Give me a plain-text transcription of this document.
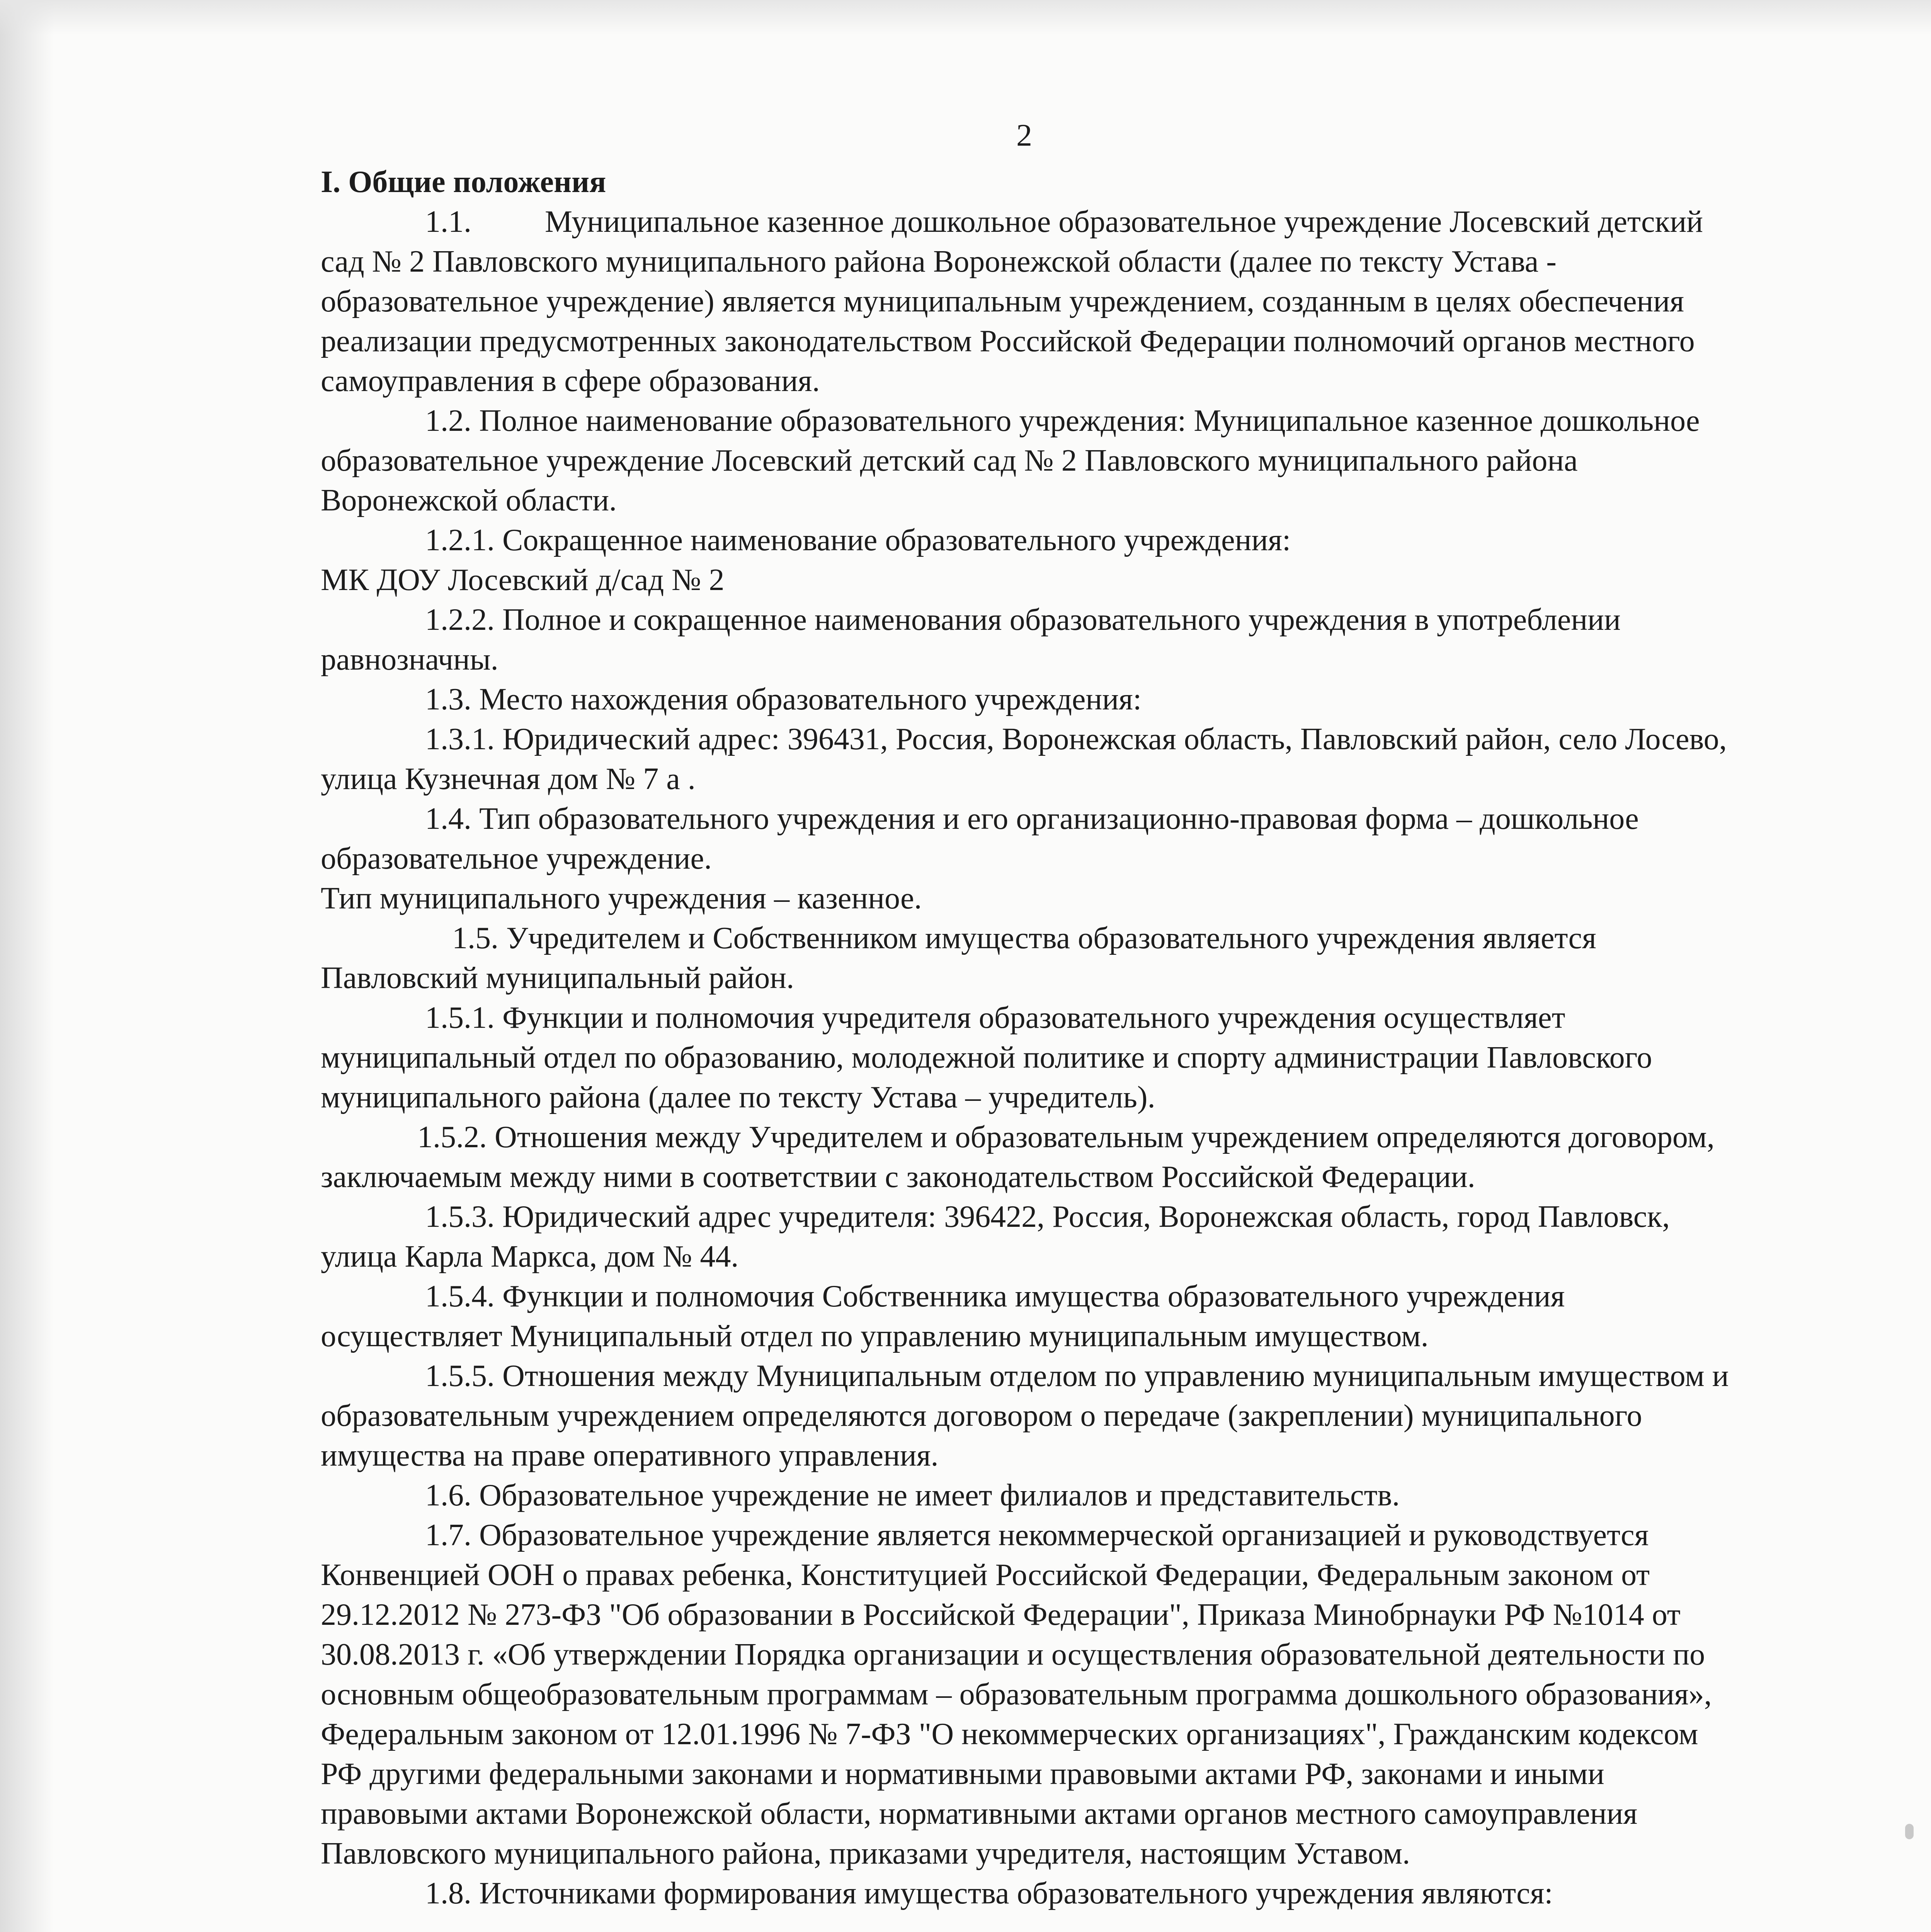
2

I. Общие положения

1.1. Муниципальное казенное дошкольное образовательное учреждение Лосевский детский сад № 2 Павловского муниципального района Воронежской области (далее по тексту Устава - образовательное учреждение) является муниципальным учреждением, созданным в целях обеспечения реализации предусмотренных законодательством Российской Федерации полномочий органов местного самоуправления в сфере образования.

1.2. Полное наименование образовательного учреждения: Муниципальное казенное дошкольное образовательное учреждение Лосевский детский сад № 2 Павловского муниципального района Воронежской области.

1.2.1. Сокращенное наименование образовательного учреждения:

МК ДОУ Лосевский д/сад № 2

1.2.2. Полное и сокращенное наименования образовательного учреждения в употреблении равнозначны.

1.3. Место нахождения образовательного учреждения:

1.3.1. Юридический адрес: 396431, Россия, Воронежская область, Павловский район, село Лосево, улица Кузнечная дом № 7 а .

1.4. Тип образовательного учреждения и его организационно-правовая форма – дошкольное образовательное учреждение.

Тип муниципального учреждения – казенное.

1.5. Учредителем и Собственником имущества образовательного учреждения является Павловский муниципальный район.

1.5.1. Функции и полномочия учредителя образовательного учреждения осуществляет муниципальный отдел по образованию, молодежной политике и спорту администрации Павловского муниципального района (далее по тексту Устава – учредитель).

1.5.2. Отношения между Учредителем и образовательным учреждением определяются договором, заключаемым между ними в соответствии с законодательством Российской Федерации.

1.5.3. Юридический адрес учредителя: 396422, Россия, Воронежская область, город Павловск, улица Карла Маркса, дом № 44.

1.5.4. Функции и полномочия Собственника имущества образовательного учреждения осуществляет Муниципальный отдел по управлению муниципальным имуществом.

1.5.5. Отношения между Муниципальным отделом по управлению муниципальным имуществом и образовательным учреждением определяются договором о передаче (закреплении) муниципального имущества на праве оперативного управления.

1.6. Образовательное учреждение не имеет филиалов и представительств.

1.7. Образовательное учреждение является некоммерческой организацией и руководствуется Конвенцией ООН о правах ребенка, Конституцией Российской Федерации, Федеральным законом от 29.12.2012 № 273-ФЗ "Об образовании в Российской Федерации", Приказа Минобрнауки РФ №1014 от 30.08.2013 г. «Об утверждении Порядка организации и осуществления образовательной деятельности по основным общеобразовательным программам – образовательным программа дошкольного образования», Федеральным законом от 12.01.1996 № 7-ФЗ "О некоммерческих организациях", Гражданским кодексом РФ другими федеральными законами и нормативными правовыми актами РФ, законами и иными правовыми актами Воронежской области, нормативными актами органов местного самоуправления Павловского муниципального района, приказами учредителя, настоящим Уставом.

1.8. Источниками формирования имущества образовательного учреждения являются:
